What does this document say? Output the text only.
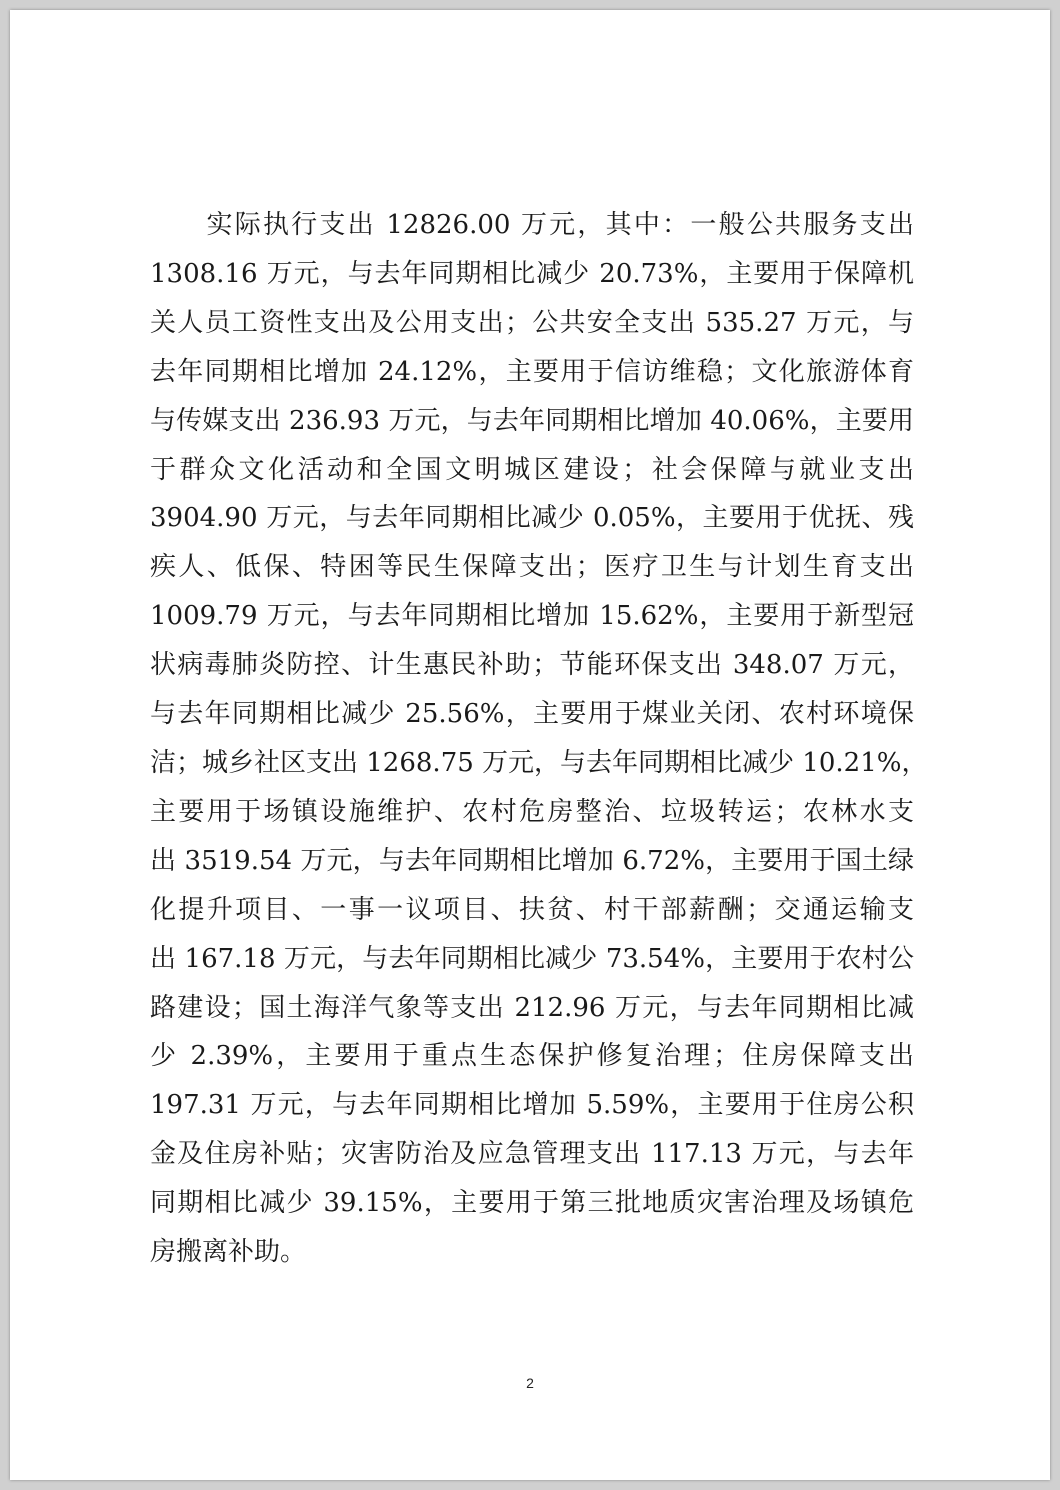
　　实际执行支出 12826.00 万元，其中：一般公共服务支出
1308.16 万元，与去年同期相比减少 20.73%，主要用于保障机
关人员工资性支出及公用支出；公共安全支出 535.27 万元，与
去年同期相比增加 24.12%，主要用于信访维稳；文化旅游体育
与传媒支出 236.93 万元，与去年同期相比增加 40.06%，主要用
于群众文化活动和全国文明城区建设；社会保障与就业支出
3904.90 万元，与去年同期相比减少 0.05%，主要用于优抚、残
疾人、低保、特困等民生保障支出；医疗卫生与计划生育支出
1009.79 万元，与去年同期相比增加 15.62%，主要用于新型冠
状病毒肺炎防控、计生惠民补助；节能环保支出 348.07 万元，
与去年同期相比减少 25.56%，主要用于煤业关闭、农村环境保
洁；城乡社区支出 1268.75 万元，与去年同期相比减少 10.21%，
主要用于场镇设施维护、农村危房整治、垃圾转运；农林水支
出 3519.54 万元，与去年同期相比增加 6.72%，主要用于国土绿
化提升项目、一事一议项目、扶贫、村干部薪酬；交通运输支
出 167.18 万元，与去年同期相比减少 73.54%，主要用于农村公
路建设；国土海洋气象等支出 212.96 万元，与去年同期相比减
少 2.39%，主要用于重点生态保护修复治理；住房保障支出
197.31 万元，与去年同期相比增加 5.59%，主要用于住房公积
金及住房补贴；灾害防治及应急管理支出 117.13 万元，与去年
同期相比减少 39.15%，主要用于第三批地质灾害治理及场镇危
房搬离补助。
2
